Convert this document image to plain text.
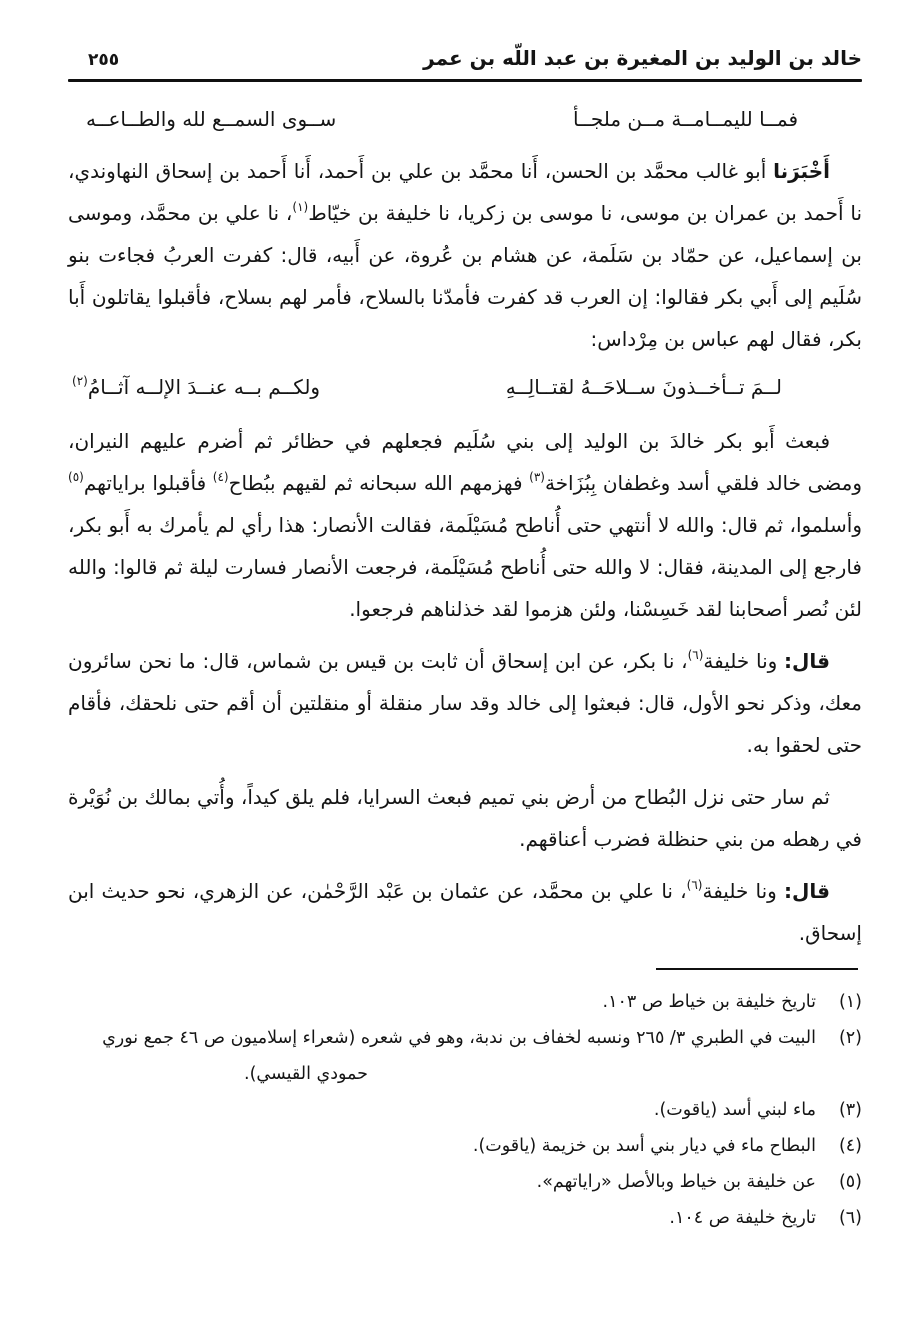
خالد بن الوليد بن المغيرة بن عبد اللّه بن عمر
٢٥٥
فمــا لليمــامــة مــن ملجــأ
ســوى السمــع لله والطــاعــه

أَخْبَرَنا أبو غالب محمَّد بن الحسن، أَنا محمَّد بن علي بن أَحمد، أَنا أَحمد بن إسحاق النهاوندي، نا أَحمد بن عمران بن موسى، نا موسى بن زكريا، نا خليفة بن خيّاط$^{(١)}$، نا علي بن محمَّد، وموسى بن إسماعيل، عن حمّاد بن سَلَمة، عن هشام بن عُروة، عن أَبيه، قال: كفرت العربُ فجاءت بنو سُلَيم إلى أَبي بكر فقالوا: إن العرب قد كفرت فأمدّنا بالسلاح، فأمر لهم بسلاح، فأقبلوا يقاتلون أَبا بكر، فقال لهم عباس بن مِرْداس:

لــمَ تــأخــذونَ ســلاحَــهُ لقتــالِــهِ
ولكــم بــه عنــدَ الإلــه آثــامُ$^{(٢)}$

فبعث أَبو بكر خالدَ بن الوليد إلى بني سُلَيم فجعلهم في حظائر ثم أضرم عليهم النيران، ومضى خالد فلقي أسد وغطفان بِبُزَاخة$^{(٣)}$ فهزمهم الله سبحانه ثم لقيهم ببُطاح$^{(٤)}$ فأقبلوا براياتهم$^{(٥)}$ وأسلموا، ثم قال: والله لا أنتهي حتى أُناطح مُسَيْلَمة، فقالت الأنصار: هذا رأي لم يأمرك به أَبو بكر، فارجع إلى المدينة، فقال: لا والله حتى أُناطح مُسَيْلَمة، فرجعت الأنصار فسارت ليلة ثم قالوا: والله لئن نُصر أصحابنا لقد خَسِسْنا، ولئن هزموا لقد خذلناهم فرجعوا.

قال: ونا خليفة$^{(٦)}$، نا بكر، عن ابن إسحاق أن ثابت بن قيس بن شماس، قال: ما نحن سائرون معك، وذكر نحو الأول، قال: فبعثوا إلى خالد وقد سار منقلة أو منقلتين أن أقم حتى نلحقك، فأقام حتى لحقوا به.

ثم سار حتى نزل البُطاح من أرض بني تميم فبعث السرايا، فلم يلق كيداً، وأُتي بمالك بن نُوَيْرة في رهطه من بني حنظلة فضرب أعناقهم.

قال: ونا خليفة$^{(٦)}$، نا علي بن محمَّد، عن عثمان بن عَبْد الرَّحْمٰن، عن الزهري، نحو حديث ابن إسحاق.

(١)
تاريخ خليفة بن خياط ص ١٠٣.
(٢)
البيت في الطبري ٣/ ٢٦٥ ونسبه لخفاف بن ندبة، وهو في شعره (شعراء إسلاميون ص ٤٦ جمع نوري
حمودي القيسي).
(٣)
ماء لبني أسد (ياقوت).
(٤)
البطاح ماء في ديار بني أسد بن خزيمة (ياقوت).
(٥)
عن خليفة بن خياط وبالأصل «راياتهم».
(٦)
تاريخ خليفة ص ١٠٤.
